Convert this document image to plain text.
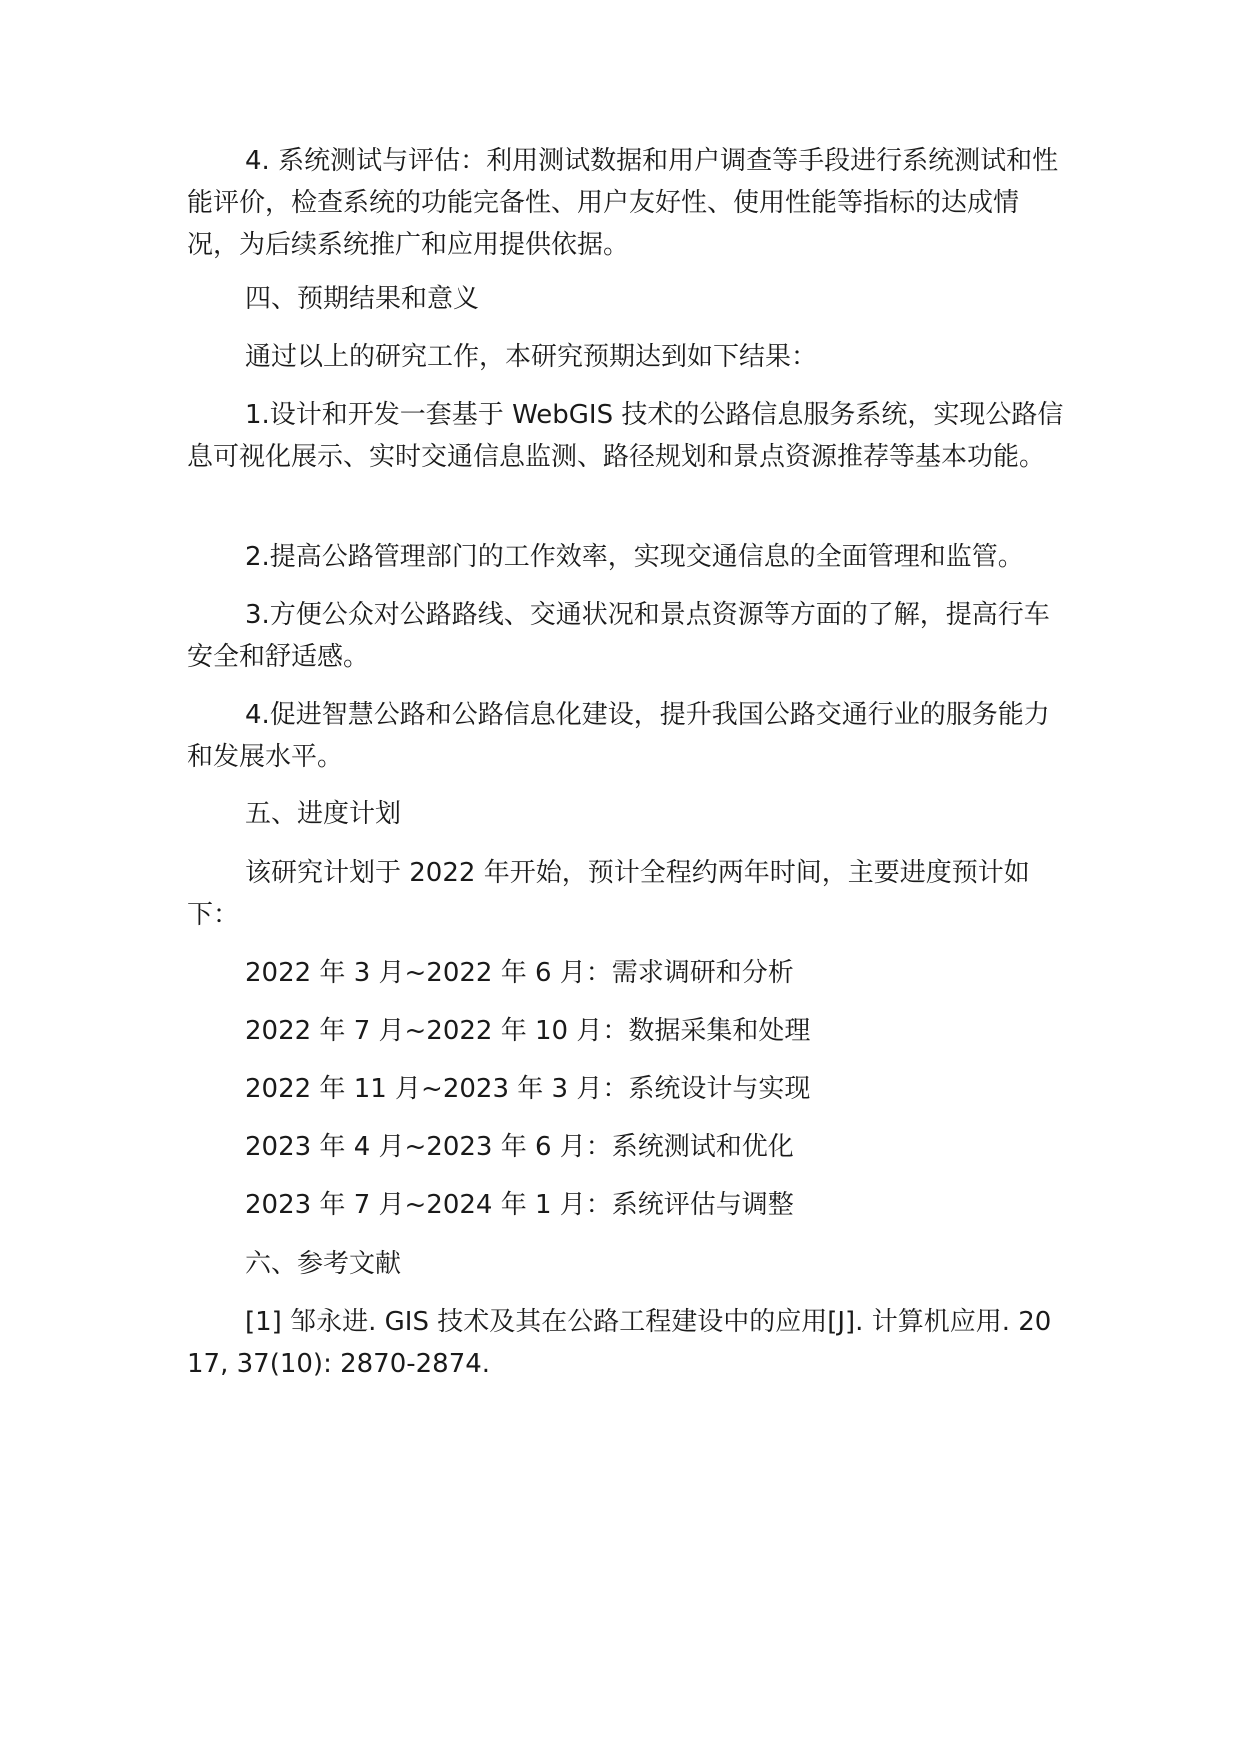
4. 系统测试与评估：利用测试数据和用户调查等手段进行系统测试和性能评价，检查系统的功能完备性、用户友好性、使用性能等指标的达成情况，为后续系统推广和应用提供依据。

四、预期结果和意义

通过以上的研究工作，本研究预期达到如下结果：

1.设计和开发一套基于 WebGIS 技术的公路信息服务系统，实现公路信息可视化展示、实时交通信息监测、路径规划和景点资源推荐等基本功能。

2.提高公路管理部门的工作效率，实现交通信息的全面管理和监管。

3.方便公众对公路路线、交通状况和景点资源等方面的了解，提高行车安全和舒适感。

4.促进智慧公路和公路信息化建设，提升我国公路交通行业的服务能力和发展水平。

五、进度计划

该研究计划于 2022 年开始，预计全程约两年时间，主要进度预计如下：

2022 年 3 月~2022 年 6 月：需求调研和分析

2022 年 7 月~2022 年 10 月：数据采集和处理

2022 年 11 月~2023 年 3 月：系统设计与实现

2023 年 4 月~2023 年 6 月：系统测试和优化

2023 年 7 月~2024 年 1 月：系统评估与调整

六、参考文献

[1] 邹永进. GIS 技术及其在公路工程建设中的应用[J]. 计算机应用. 2017, 37(10): 2870-2874.
